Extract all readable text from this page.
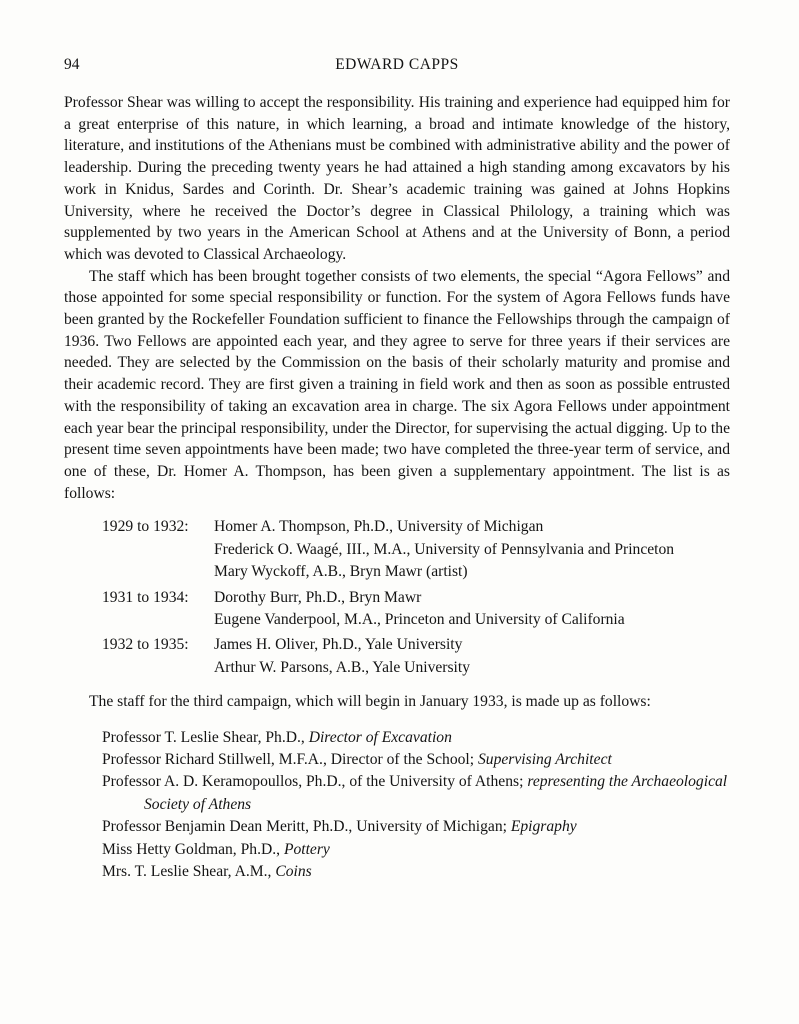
94	EDWARD CAPPS

Professor Shear was willing to accept the responsibility. His training and experience had equipped him for a great enterprise of this nature, in which learning, a broad and intimate knowledge of the history, literature, and institutions of the Athenians must be combined with administrative ability and the power of leadership. During the preceding twenty years he had attained a high standing among excavators by his work in Knidus, Sardes and Corinth. Dr. Shear’s academic training was gained at Johns Hopkins University, where he received the Doctor’s degree in Classical Philology, a training which was supplemented by two years in the American School at Athens and at the University of Bonn, a period which was devoted to Classical Archaeology.

The staff which has been brought together consists of two elements, the special “Agora Fellows” and those appointed for some special responsibility or function. For the system of Agora Fellows funds have been granted by the Rockefeller Foundation sufficient to finance the Fellowships through the campaign of 1936. Two Fellows are appointed each year, and they agree to serve for three years if their services are needed. They are selected by the Commission on the basis of their scholarly maturity and promise and their academic record. They are first given a training in field work and then as soon as possible entrusted with the responsibility of taking an excavation area in charge. The six Agora Fellows under appointment each year bear the principal responsibility, under the Director, for supervising the actual digging. Up to the present time seven appointments have been made; two have completed the three-year term of service, and one of these, Dr. Homer A. Thompson, has been given a supplementary appointment. The list is as follows:

1929 to 1932:	Homer A. Thompson, Ph.D., University of Michigan
Frederick O. Waagé, III., M.A., University of Pennsylvania and Princeton
Mary Wyckoff, A.B., Bryn Mawr (artist)
1931 to 1934:	Dorothy Burr, Ph.D., Bryn Mawr
Eugene Vanderpool, M.A., Princeton and University of California
1932 to 1935:	James H. Oliver, Ph.D., Yale University
Arthur W. Parsons, A.B., Yale University

The staff for the third campaign, which will begin in January 1933, is made up as follows:

Professor T. Leslie Shear, Ph.D., Director of Excavation
Professor Richard Stillwell, M.F.A., Director of the School; Supervising Architect
Professor A. D. Keramopoullos, Ph.D., of the University of Athens; representing the Archaeological Society of Athens
Professor Benjamin Dean Meritt, Ph.D., University of Michigan; Epigraphy
Miss Hetty Goldman, Ph.D., Pottery
Mrs. T. Leslie Shear, A.M., Coins
